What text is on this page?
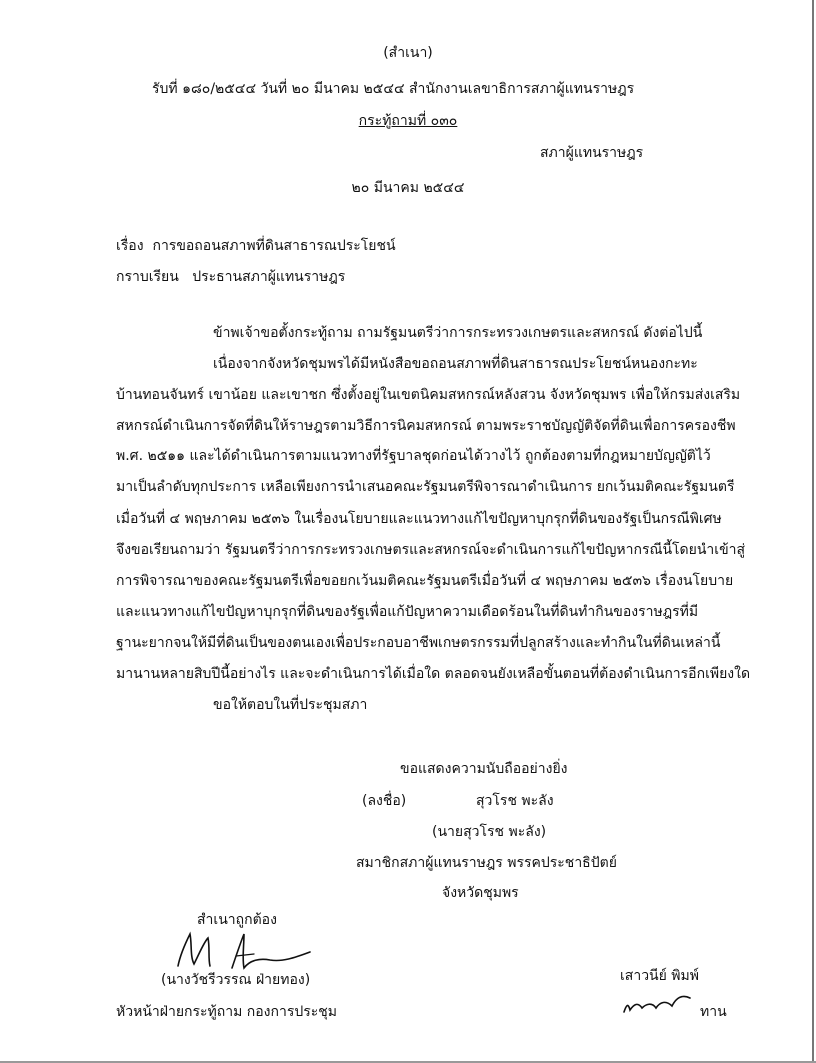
(สำเนา)
รับที่ ๑๘๐/๒๕๔๔ วันที่ ๒๐ มีนาคม ๒๕๔๔ สำนักงานเลขาธิการสภาผู้แทนราษฎร
กระทู้ถามที่ ๐๓๐
สภาผู้แทนราษฎร
๒๐ มีนาคม ๒๕๔๔
เรื่อง การขอถอนสภาพที่ดินสาธารณประโยชน์
กราบเรียน ประธานสภาผู้แทนราษฎร
ข้าพเจ้าขอตั้งกระทู้ถาม ถามรัฐมนตรีว่าการกระทรวงเกษตรและสหกรณ์ ดังต่อไปนี้
เนื่องจากจังหวัดชุมพรได้มีหนังสือขอถอนสภาพที่ดินสาธารณประโยชน์หนองกะทะ
บ้านทอนจันทร์ เขาน้อย และเขาชก ซึ่งตั้งอยู่ในเขตนิคมสหกรณ์หลังสวน จังหวัดชุมพร เพื่อให้กรมส่งเสริม
สหกรณ์ดำเนินการจัดที่ดินให้ราษฎรตามวิธีการนิคมสหกรณ์ ตามพระราชบัญญัติจัดที่ดินเพื่อการครองชีพ
พ.ศ. ๒๕๑๑ และได้ดำเนินการตามแนวทางที่รัฐบาลชุดก่อนได้วางไว้ ถูกต้องตามที่กฎหมายบัญญัติไว้
มาเป็นลำดับทุกประการ เหลือเพียงการนำเสนอคณะรัฐมนตรีพิจารณาดำเนินการ ยกเว้นมติคณะรัฐมนตรี
เมื่อวันที่ ๔ พฤษภาคม ๒๕๓๖ ในเรื่องนโยบายและแนวทางแก้ไขปัญหาบุกรุกที่ดินของรัฐเป็นกรณีพิเศษ
จึงขอเรียนถามว่า รัฐมนตรีว่าการกระทรวงเกษตรและสหกรณ์จะดำเนินการแก้ไขปัญหากรณีนี้โดยนำเข้าสู่
การพิจารณาของคณะรัฐมนตรีเพื่อขอยกเว้นมติคณะรัฐมนตรีเมื่อวันที่ ๔ พฤษภาคม ๒๕๓๖ เรื่องนโยบาย
และแนวทางแก้ไขปัญหาบุกรุกที่ดินของรัฐเพื่อแก้ปัญหาความเดือดร้อนในที่ดินทำกินของราษฎรที่มี
ฐานะยากจนให้มีที่ดินเป็นของตนเองเพื่อประกอบอาชีพเกษตรกรรมที่ปลูกสร้างและทำกินในที่ดินเหล่านี้
มานานหลายสิบปีนี้อย่างไร และจะดำเนินการได้เมื่อใด ตลอดจนยังเหลือขั้นตอนที่ต้องดำเนินการอีกเพียงใด
ขอให้ตอบในที่ประชุมสภา
ขอแสดงความนับถืออย่างยิ่ง
(ลงชื่อ)	สุวโรช พะลัง
(นายสุวโรช พะลัง)
สมาชิกสภาผู้แทนราษฎร พรรคประชาธิปัตย์
จังหวัดชุมพร
สำเนาถูกต้อง
(นางวัชรีวรรณ ฝ่ายทอง)
หัวหน้าฝ่ายกระทู้ถาม กองการประชุม
เสาวนีย์ พิมพ์
ทาน
